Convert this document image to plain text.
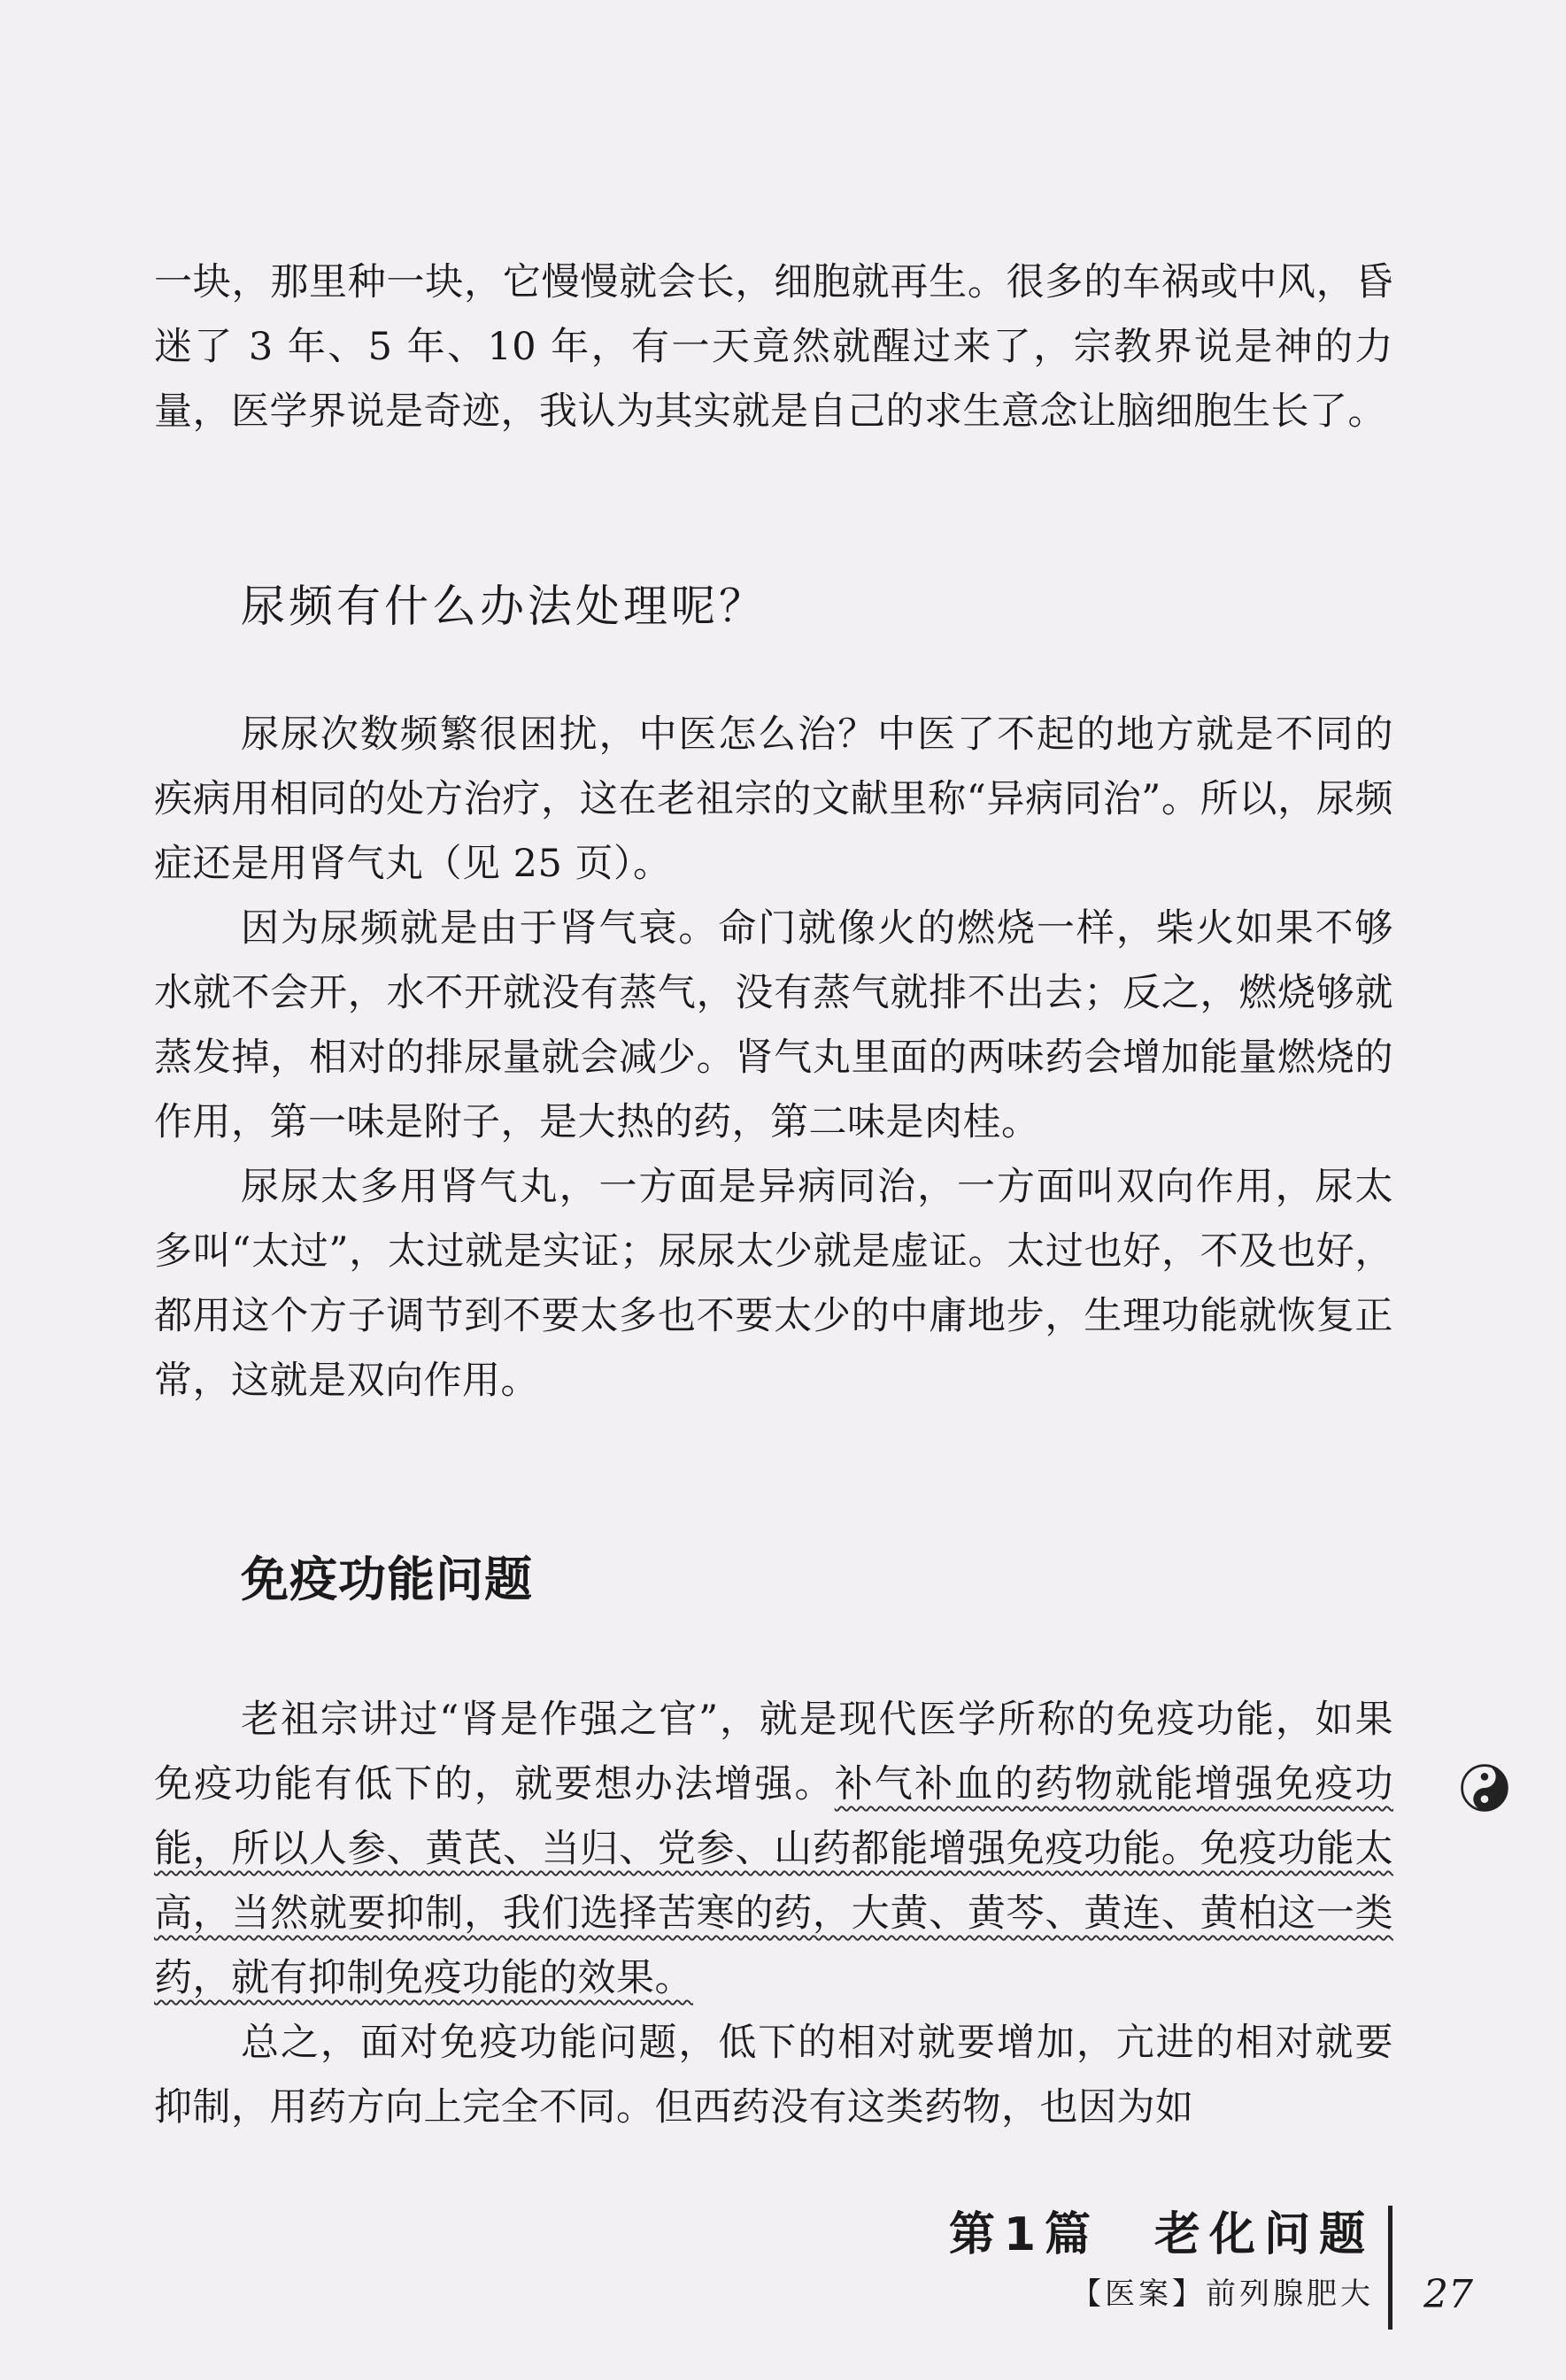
一块，那里种一块，它慢慢就会长，细胞就再生。很多的车祸或中风，昏迷了 3 年、5 年、10 年，有一天竟然就醒过来了，宗教界说是神的力量，医学界说是奇迹，我认为其实就是自己的求生意念让脑细胞生长了。

尿频有什么办法处理呢？

尿尿次数频繁很困扰，中医怎么治？中医了不起的地方就是不同的疾病用相同的处方治疗，这在老祖宗的文献里称“异病同治”。所以，尿频症还是用肾气丸（见 25 页）。

因为尿频就是由于肾气衰。命门就像火的燃烧一样，柴火如果不够水就不会开，水不开就没有蒸气，没有蒸气就排不出去；反之，燃烧够就蒸发掉，相对的排尿量就会减少。肾气丸里面的两味药会增加能量燃烧的作用，第一味是附子，是大热的药，第二味是肉桂。

尿尿太多用肾气丸，一方面是异病同治，一方面叫双向作用，尿太多叫“太过”，太过就是实证；尿尿太少就是虚证。太过也好，不及也好，都用这个方子调节到不要太多也不要太少的中庸地步，生理功能就恢复正常，这就是双向作用。

免疫功能问题

老祖宗讲过“肾是作强之官”，就是现代医学所称的免疫功能，如果免疫功能有低下的，就要想办法增强。补气补血的药物就能增强免疫功能，所以人参、黄芪、当归、党参、山药都能增强免疫功能。免疫功能太高，当然就要抑制，我们选择苦寒的药，大黄、黄芩、黄连、黄柏这一类药，就有抑制免疫功能的效果。

总之，面对免疫功能问题，低下的相对就要增加，亢进的相对就要抑制，用药方向上完全不同。但西药没有这类药物，也因为如

第1篇　老化问题
【医案】前列腺肥大 27
